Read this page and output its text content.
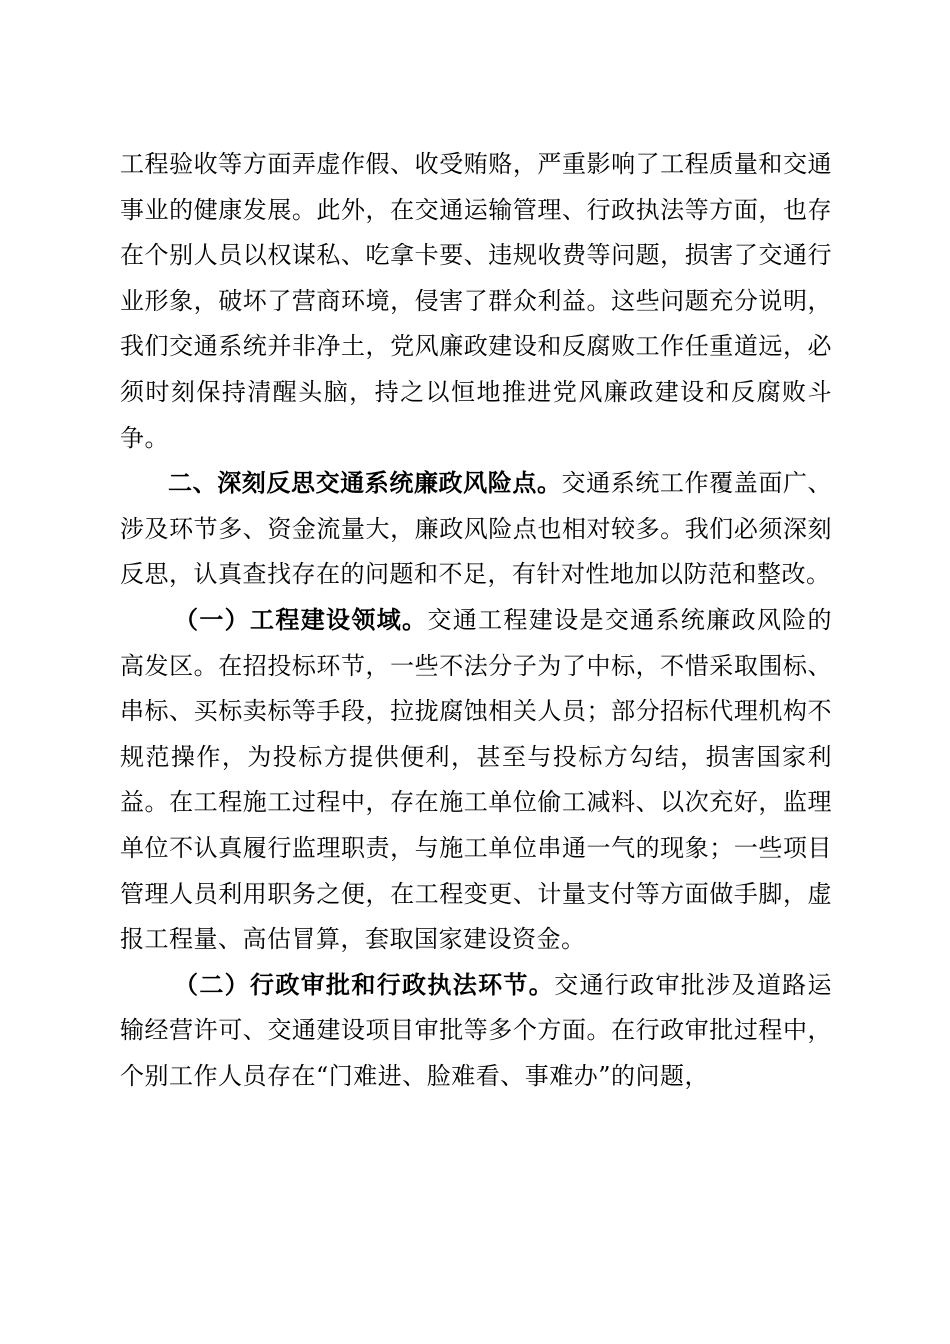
工程验收等方面弄虚作假、收受贿赂，严重影响了工程质量和交通事业的健康发展。此外，在交通运输管理、行政执法等方面，也存在个别人员以权谋私、吃拿卡要、违规收费等问题，损害了交通行业形象，破坏了营商环境，侵害了群众利益。这些问题充分说明，我们交通系统并非净土，党风廉政建设和反腐败工作任重道远，必须时刻保持清醒头脑，持之以恒地推进党风廉政建设和反腐败斗争。

二、深刻反思交通系统廉政风险点。交通系统工作覆盖面广、涉及环节多、资金流量大，廉政风险点也相对较多。我们必须深刻反思，认真查找存在的问题和不足，有针对性地加以防范和整改。

（一）工程建设领域。交通工程建设是交通系统廉政风险的高发区。在招投标环节，一些不法分子为了中标，不惜采取围标、串标、买标卖标等手段，拉拢腐蚀相关人员；部分招标代理机构不规范操作，为投标方提供便利，甚至与投标方勾结，损害国家利益。在工程施工过程中，存在施工单位偷工减料、以次充好，监理单位不认真履行监理职责，与施工单位串通一气的现象；一些项目管理人员利用职务之便，在工程变更、计量支付等方面做手脚，虚报工程量、高估冒算，套取国家建设资金。

（二）行政审批和行政执法环节。交通行政审批涉及道路运输经营许可、交通建设项目审批等多个方面。在行政审批过程中，个别工作人员存在“门难进、脸难看、事难办”的问题，
